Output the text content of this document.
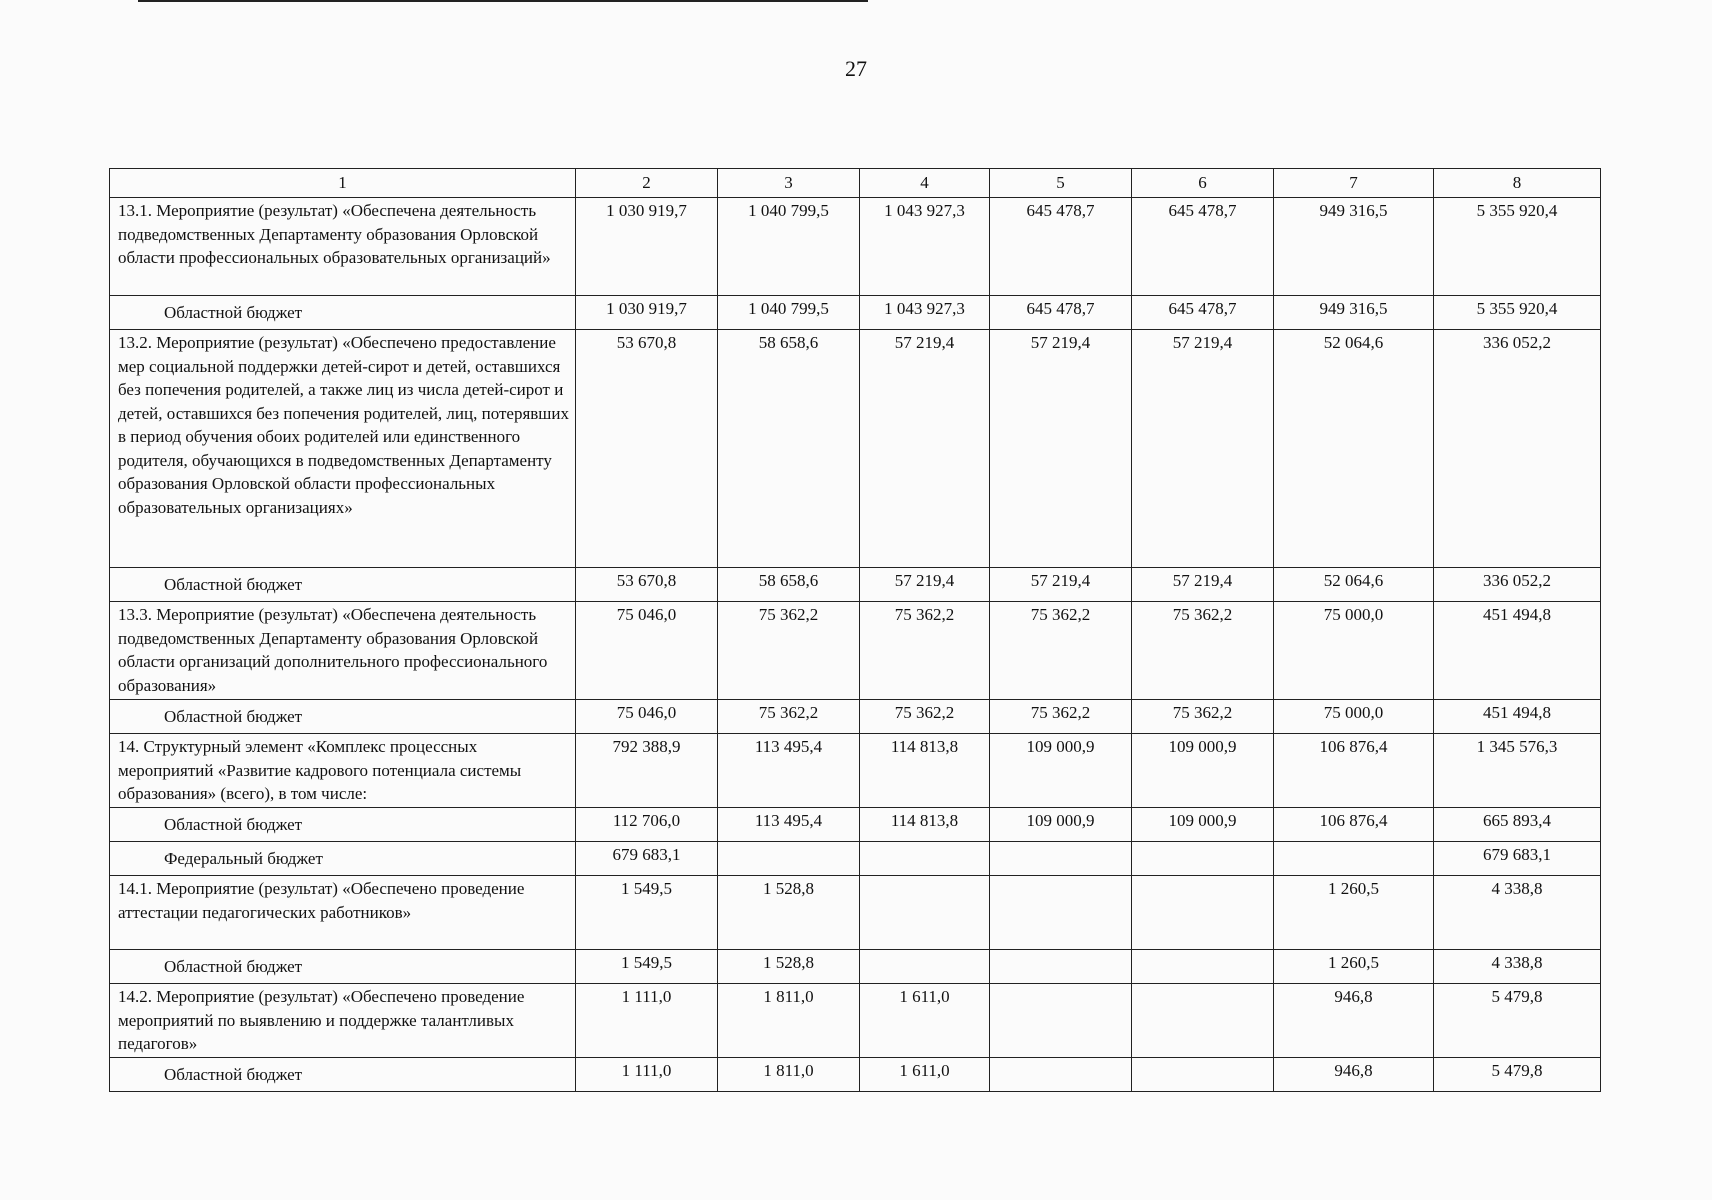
27
1	2	3	4	5	6	7	8
13.1. Мероприятие (результат) «Обеспечена деятельность подведомственных Департаменту образования Орловской области профессиональных образовательных организаций»	1 030 919,7	1 040 799,5	1 043 927,3	645 478,7	645 478,7	949 316,5	5 355 920,4
Областной бюджет	1 030 919,7	1 040 799,5	1 043 927,3	645 478,7	645 478,7	949 316,5	5 355 920,4
13.2. Мероприятие (результат) «Обеспечено предоставление мер социальной поддержки детей-сирот и детей, оставшихся без попечения родителей, а также лиц из числа детей-сирот и детей, оставшихся без попечения родителей, лиц, потерявших в период обучения обоих родителей или единственного родителя, обучающихся в подведомственных Департаменту образования Орловской области профессиональных образовательных организациях»	53 670,8	58 658,6	57 219,4	57 219,4	57 219,4	52 064,6	336 052,2
Областной бюджет	53 670,8	58 658,6	57 219,4	57 219,4	57 219,4	52 064,6	336 052,2
13.3. Мероприятие (результат) «Обеспечена деятельность подведомственных Департаменту образования Орловской области организаций дополнительного профессионального образования»	75 046,0	75 362,2	75 362,2	75 362,2	75 362,2	75 000,0	451 494,8
Областной бюджет	75 046,0	75 362,2	75 362,2	75 362,2	75 362,2	75 000,0	451 494,8
14. Структурный элемент «Комплекс процессных мероприятий «Развитие кадрового потенциала системы образования» (всего), в том числе:	792 388,9	113 495,4	114 813,8	109 000,9	109 000,9	106 876,4	1 345 576,3
Областной бюджет	112 706,0	113 495,4	114 813,8	109 000,9	109 000,9	106 876,4	665 893,4
Федеральный бюджет	679 683,1						679 683,1
14.1. Мероприятие (результат) «Обеспечено проведение аттестации педагогических работников»	1 549,5	1 528,8				1 260,5	4 338,8
Областной бюджет	1 549,5	1 528,8				1 260,5	4 338,8
14.2. Мероприятие (результат) «Обеспечено проведение мероприятий по выявлению и поддержке талантливых педагогов»	1 111,0	1 811,0	1 611,0			946,8	5 479,8
Областной бюджет	1 111,0	1 811,0	1 611,0			946,8	5 479,8
